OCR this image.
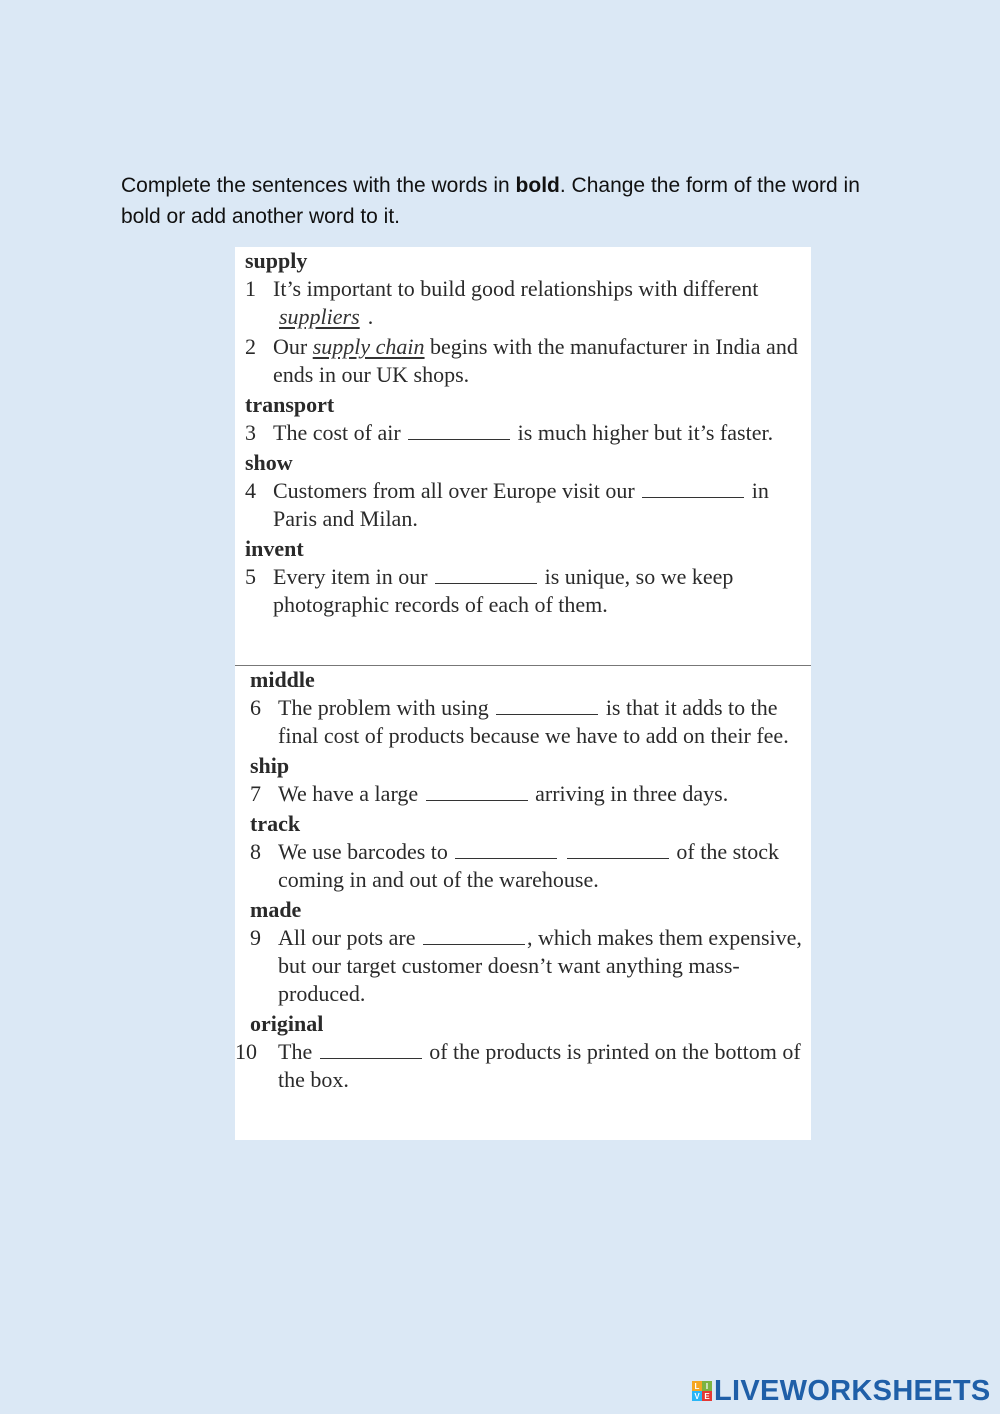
Complete the sentences with the words in bold. Change the form of the word in bold or add another word to it.
supply
1 It’s important to build good relationships with different suppliers .
2 Our supply chain begins with the manufacturer in India and ends in our UK shops.
transport
3 The cost of air	is much higher but it’s faster.
show
4 Customers from all over Europe visit our	in Paris and Milan.
invent
5 Every item in our	is unique, so we keep photographic records of each of them.
middle
6 The problem with using	is that it adds to the final cost of products because we have to add on their fee.
ship
7 We have a large	arriving in three days.
track
8 We use barcodes to	of the stock coming in and out of the warehouse.
made
9 All our pots are	, which makes them expensive, but our target customer doesn’t want anything mass-produced.
original
10 The	of the products is printed on the bottom of the box.
L I
V E LIVEWORKSHEETS
